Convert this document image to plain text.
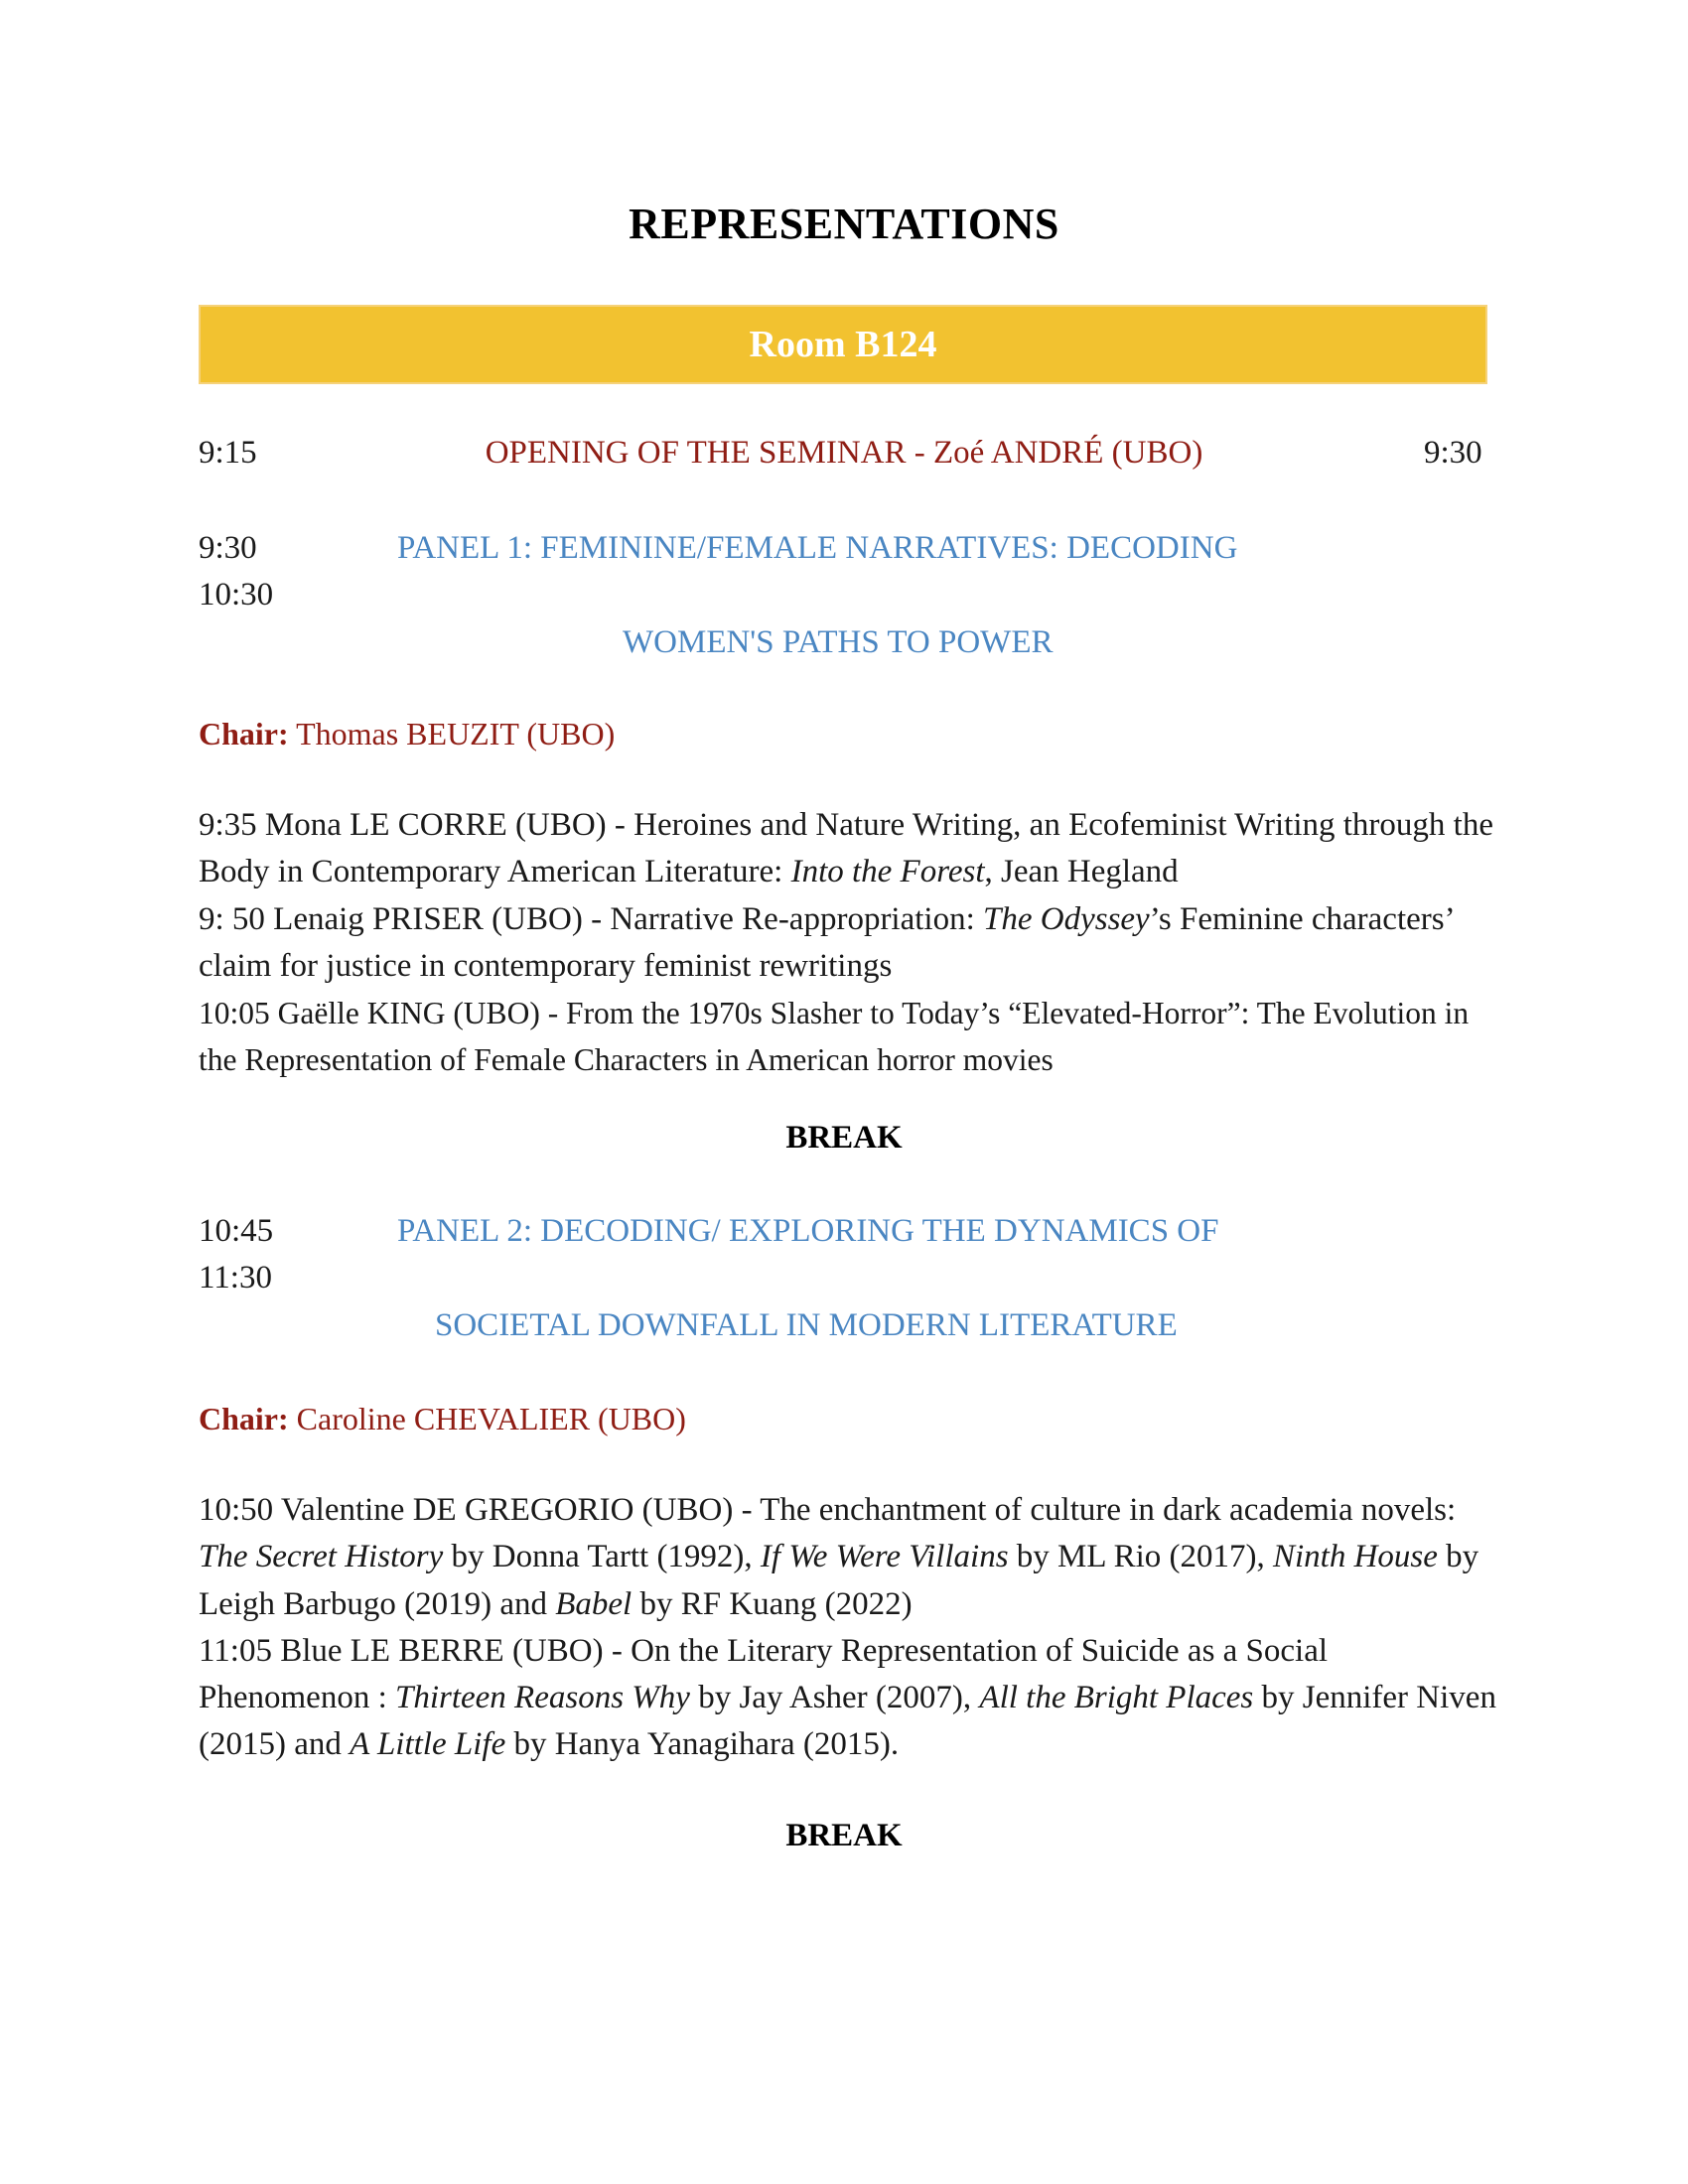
REPRESENTATIONS
Room B124
9:15	OPENING OF THE SEMINAR - Zoé ANDRÉ (UBO)	9:30
9:30
10:30
PANEL 1: FEMININE/FEMALE NARRATIVES: DECODING
WOMEN'S PATHS TO POWER
Chair: Thomas BEUZIT (UBO)

9:35 Mona LE CORRE (UBO) - Heroines and Nature Writing, an Ecofeminist Writing through the Body in Contemporary American Literature: Into the Forest, Jean Hegland

9: 50 Lenaig PRISER (UBO) - Narrative Re-appropriation: The Odyssey’s Feminine characters’ claim for justice in contemporary feminist rewritings

10:05 Gaëlle KING (UBO) - From the 1970s Slasher to Today’s “Elevated-Horror”: The Evolution in the Representation of Female Characters in American horror movies

BREAK
10:45
11:30
PANEL 2: DECODING/ EXPLORING THE DYNAMICS OF
SOCIETAL DOWNFALL IN MODERN LITERATURE
Chair: Caroline CHEVALIER (UBO)

10:50 Valentine DE GREGORIO (UBO) - The enchantment of culture in dark academia novels: The Secret History by Donna Tartt (1992), If We Were Villains by ML Rio (2017), Ninth House by Leigh Barbugo (2019) and Babel by RF Kuang (2022)

11:05 Blue LE BERRE (UBO) - On the Literary Representation of Suicide as a Social Phenomenon : Thirteen Reasons Why by Jay Asher (2007), All the Bright Places by Jennifer Niven (2015) and A Little Life by Hanya Yanagihara (2015).

BREAK
